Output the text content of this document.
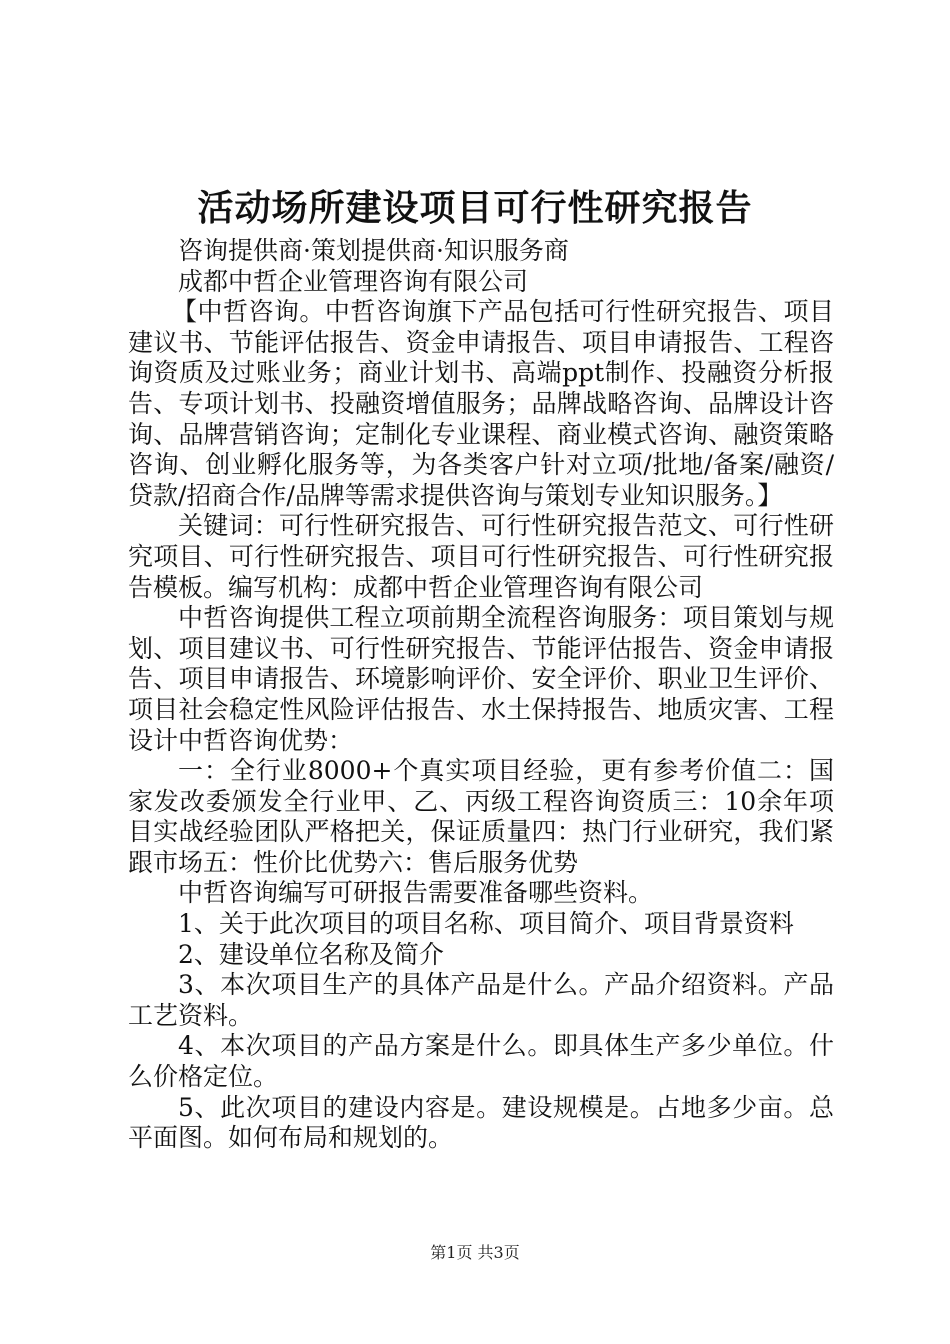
活动场所建设项目可行性研究报告

咨询提供商·策划提供商·知识服务商

成都中哲企业管理咨询有限公司

【中哲咨询。中哲咨询旗下产品包括可行性研究报告、项目建议书、节能评估报告、资金申请报告、项目申请报告、工程咨询资质及过账业务；商业计划书、高端ppt制作、投融资分析报告、专项计划书、投融资增值服务；品牌战略咨询、品牌设计咨询、品牌营销咨询；定制化专业课程、商业模式咨询、融资策略咨询、创业孵化服务等，为各类客户针对立项/批地/备案/融资/贷款/招商合作/品牌等需求提供咨询与策划专业知识服务。】

关键词：可行性研究报告、可行性研究报告范文、可行性研究项目、可行性研究报告、项目可行性研究报告、可行性研究报告模板。编写机构：成都中哲企业管理咨询有限公司

中哲咨询提供工程立项前期全流程咨询服务：项目策划与规划、项目建议书、可行性研究报告、节能评估报告、资金申请报告、项目申请报告、环境影响评价、安全评价、职业卫生评价、项目社会稳定性风险评估报告、水土保持报告、地质灾害、工程设计中哲咨询优势：

一：全行业8000+个真实项目经验，更有参考价值二：国家发改委颁发全行业甲、乙、丙级工程咨询资质三：10余年项目实战经验团队严格把关，保证质量四：热门行业研究，我们紧跟市场五：性价比优势六：售后服务优势

中哲咨询编写可研报告需要准备哪些资料。

1、关于此次项目的项目名称、项目简介、项目背景资料

2、建设单位名称及简介

3、本次项目生产的具体产品是什么。产品介绍资料。产品工艺资料。

4、本次项目的产品方案是什么。即具体生产多少单位。什么价格定位。

5、此次项目的建设内容是。建设规模是。占地多少亩。总平面图。如何布局和规划的。

第1页 共3页
